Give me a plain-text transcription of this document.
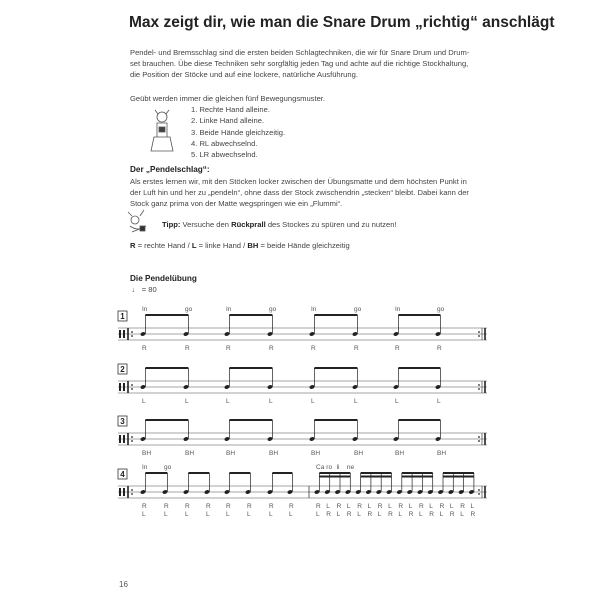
Max zeigt dir, wie man die Snare Drum „richtig“ anschlägt
Pendel- und Bremsschlag sind die ersten beiden Schlagtechniken, die wir für Snare Drum und Drum-set brauchen. Übe diese Techniken sehr sorgfältig jeden Tag und achte auf die richtige Stockhaltung, die Position der Stöcke und auf eine lockere, natürliche Ausführung.
Geübt werden immer die gleichen fünf Bewegungsmuster.
1. Rechte Hand alleine.
2. Linke Hand alleine.
3. Beide Hände gleichzeitig.
4. RL abwechselnd.
5. LR abwechselnd.
Der „Pendelschlag“:
Als erstes lernen wir, mit den Stöcken locker zwischen der Übungsmatte und dem höchsten Punkt in der Luft hin und her zu „pendeln“, ohne dass der Stock zwischendrin „stecken“ bleibt. Dabei kann der Stock ganz prima von der Matte wegspringen wie ein „Flummi“.
Tipp: Versuche den Rückprall des Stockes zu spüren und zu nutzen!
R = rechte Hand / L = linke Hand / BH = beide Hände gleichzeitig
Die Pendelübung
♩ = 80
1
In	go	In	go	In	go	In	go
R	R	R	R	R	R	R	R
2
L	L	L	L	L	L	L	L
3
BH	BH	BH	BH	BH	BH	BH	BH
4
In	go	Ca ro li ne
R	R	R	R R	R	R R	R L R L R L R L R L R L R L R L
L	L	L	L	L	L	L	L	L R L R L R L R L R L R L R L R
16
